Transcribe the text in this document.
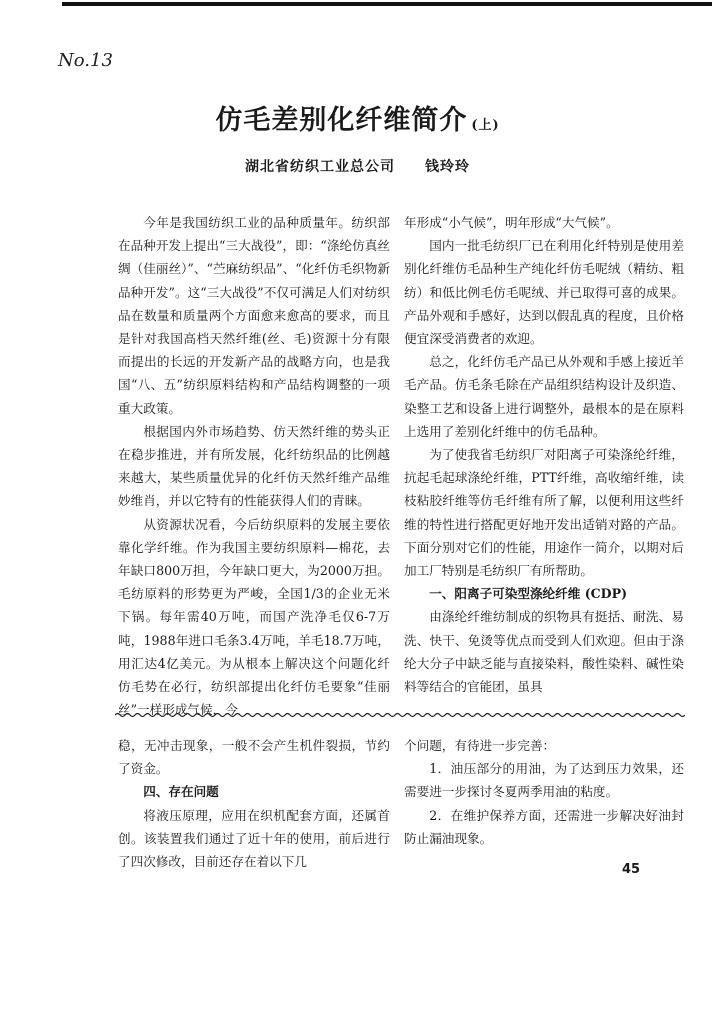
No.13
仿毛差别化纤维简介 (上)
湖北省纺织工业总公司 钱玲玲

今年是我国纺织工业的品种质量年。纺织部在品种开发上提出“三大战役”，即：“涤纶仿真丝绸（佳丽丝）”、“苎麻纺织品”、“化纤仿毛织物新品种开发”。这“三大战役”不仅可满足人们对纺织品在数量和质量两个方面愈来愈高的要求，而且是针对我国高档天然纤维(丝、毛)资源十分有限而提出的长远的开发新产品的战略方向，也是我国“八、五”纺织原料结构和产品结构调整的一项重大政策。

根据国内外市场趋势、仿天然纤维的势头正在稳步推进，并有所发展，化纤纺织品的比例越来越大，某些质量优异的化纤仿天然纤维产品维妙维肖，并以它特有的性能获得人们的青睐。

从资源状况看，今后纺织原料的发展主要依靠化学纤维。作为我国主要纺织原料—棉花，去年缺口800万担，今年缺口更大，为2000万担。毛纺原料的形势更为严峻，全国1/3的企业无米下锅。每年需40万吨，而国产洗净毛仅6-7万吨，1988年进口毛条3.4万吨，羊毛18.7万吨，用汇达4亿美元。为从根本上解决这个问题化纤仿毛势在必行，纺织部提出化纤仿毛要象“佳丽丝”一样形成气候，今

年形成“小气候”，明年形成“大气候”。

国内一批毛纺织厂已在利用化纤特别是使用差别化纤维仿毛品种生产纯化纤仿毛呢绒（精纺、粗纺）和低比例毛仿毛呢绒、并已取得可喜的成果。产品外观和手感好，达到以假乱真的程度，且价格便宜深受消费者的欢迎。

总之，化纤仿毛产品已从外观和手感上接近羊毛产品。仿毛条毛除在产品组织结构设计及织造、染整工艺和设备上进行调整外，最根本的是在原料上选用了差别化纤维中的仿毛品种。

为了使我省毛纺织厂对阳离子可染涤纶纤维，抗起毛起球涤纶纤维，PTT纤维，高收缩纤维，读枝粘胶纤维等仿毛纤维有所了解，以便利用这些纤维的特性进行搭配更好地开发出适销对路的产品。下面分别对它们的性能，用途作一简介，以期对后加工厂特别是毛纺织厂有所帮助。

一、阳离子可染型涤纶纤维 (CDP)

由涤纶纤维纺制成的织物具有挺括、耐洗、易洗、快干、免烫等优点而受到人们欢迎。但由于涤纶大分子中缺乏能与直接染料，酸性染料、碱性染料等结合的官能团，虽具

稳，无冲击现象，一般不会产生机件裂损，节约了资金。

四、存在问题

将液压原理，应用在织机配套方面，还属首创。该装置我们通过了近十年的使用，前后进行了四次修改，目前还存在着以下几

个问题，有待进一步完善：

1．油压部分的用油，为了达到压力效果，还需要进一步探讨冬夏两季用油的粘度。

2．在维护保养方面，还需进一步解决好油封防止漏油现象。

45
